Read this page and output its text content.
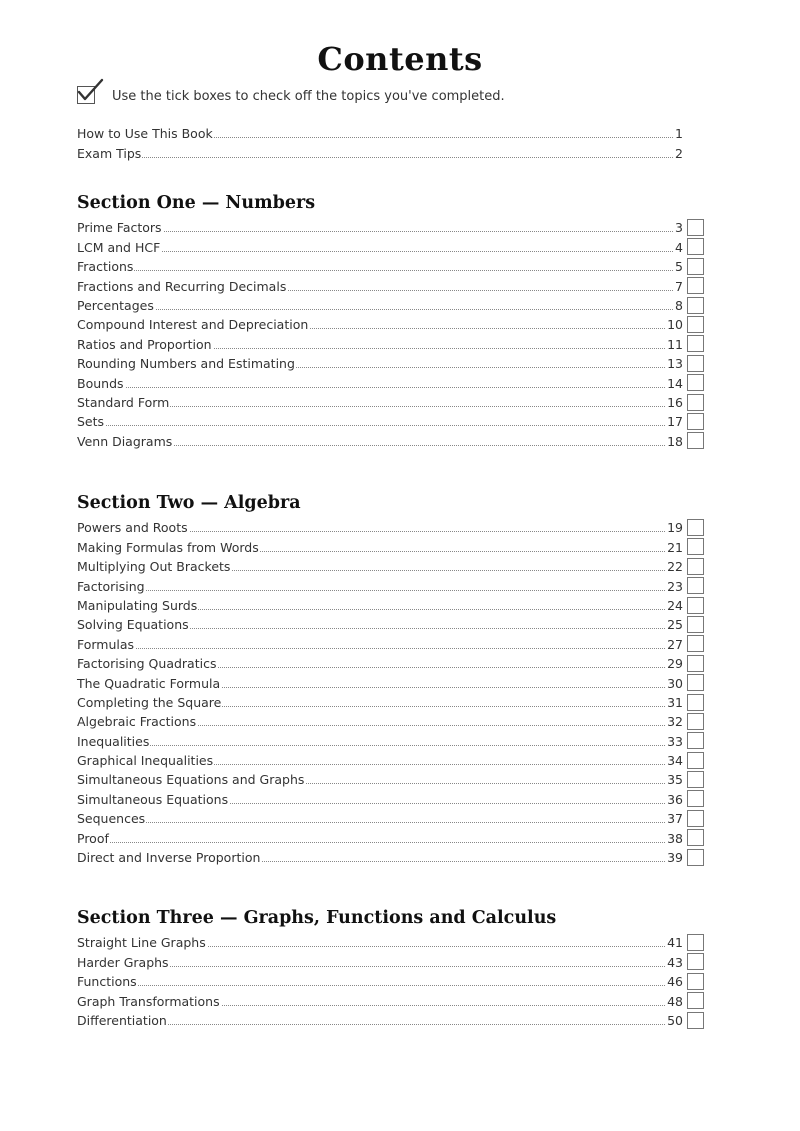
Contents
Use the tick boxes to check off the topics you've completed.
How to Use This Book	1
Exam Tips	2
Section One — Numbers
Prime Factors	3
LCM and HCF	4
Fractions	5
Fractions and Recurring Decimals	7
Percentages	8
Compound Interest and Depreciation	10
Ratios and Proportion	11
Rounding Numbers and Estimating	13
Bounds	14
Standard Form	16
Sets	17
Venn Diagrams	18
Section Two — Algebra
Powers and Roots	19
Making Formulas from Words	21
Multiplying Out Brackets	22
Factorising	23
Manipulating Surds	24
Solving Equations	25
Formulas	27
Factorising Quadratics	29
The Quadratic Formula	30
Completing the Square	31
Algebraic Fractions	32
Inequalities	33
Graphical Inequalities	34
Simultaneous Equations and Graphs	35
Simultaneous Equations	36
Sequences	37
Proof	38
Direct and Inverse Proportion	39
Section Three — Graphs, Functions and Calculus
Straight Line Graphs	41
Harder Graphs	43
Functions	46
Graph Transformations	48
Differentiation	50
